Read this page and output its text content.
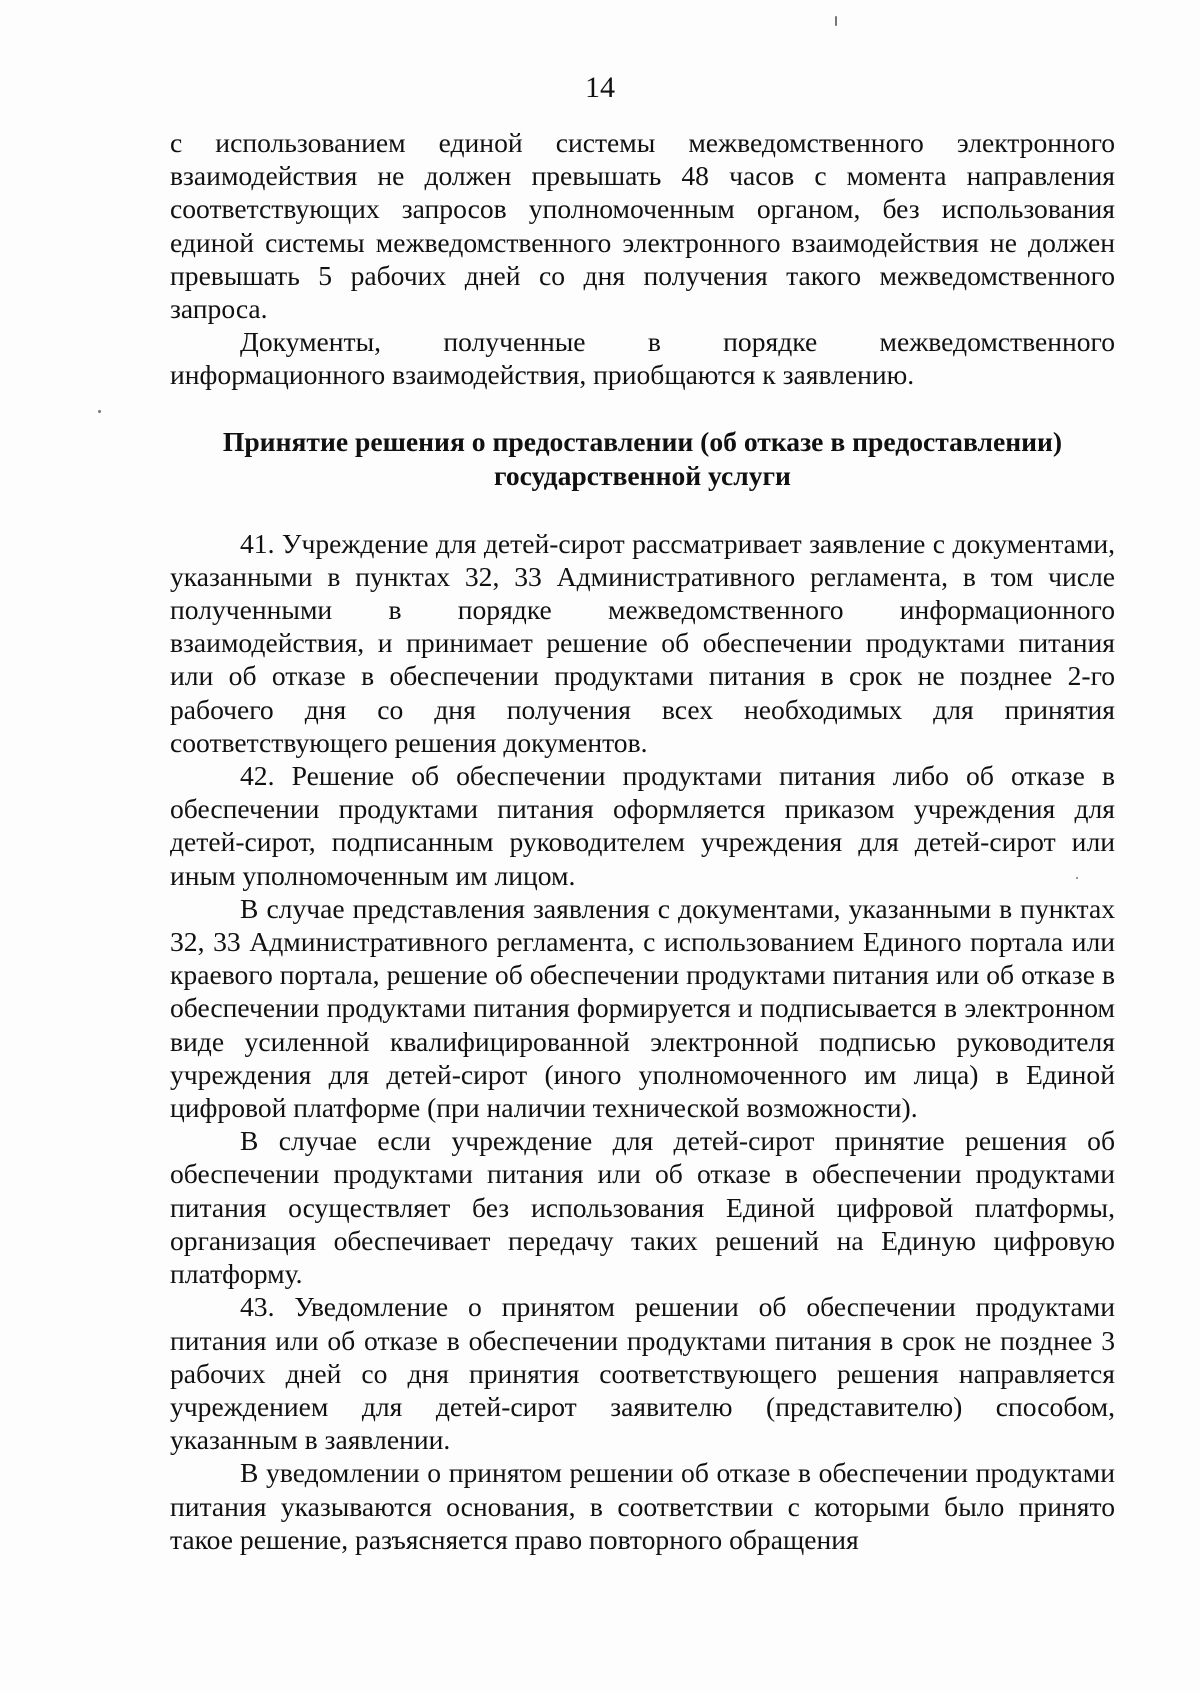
14

с использованием единой системы межведомственного электронного взаимодействия не должен превышать 48 часов с момента направления соответствующих запросов уполномоченным органом, без использования единой системы межведомственного электронного взаимодействия не должен превышать 5 рабочих дней со дня получения такого межведомственного запроса.

Документы, полученные в порядке межведомственного информационного взаимодействия, приобщаются к заявлению.

Принятие решения о предоставлении (об отказе в предоставлении)
государственной услуги

41. Учреждение для детей-сирот рассматривает заявление с документами, указанными в пунктах 32, 33 Административного регламента, в том числе полученными в порядке межведомственного информационного взаимодействия, и принимает решение об обеспечении продуктами питания или об отказе в обеспечении продуктами питания в срок не позднее 2-го рабочего дня со дня получения всех необходимых для принятия соответствующего решения документов.

42. Решение об обеспечении продуктами питания либо об отказе в обеспечении продуктами питания оформляется приказом учреждения для детей-сирот, подписанным руководителем учреждения для детей-сирот или иным уполномоченным им лицом.

В случае представления заявления с документами, указанными в пунктах 32, 33 Административного регламента, с использованием Единого портала или краевого портала, решение об обеспечении продуктами питания или об отказе в обеспечении продуктами питания формируется и подписывается в электронном виде усиленной квалифицированной электронной подписью руководителя учреждения для детей-сирот (иного уполномоченного им лица) в Единой цифровой платформе (при наличии технической возможности).

В случае если учреждение для детей-сирот принятие решения об обеспечении продуктами питания или об отказе в обеспечении продуктами питания осуществляет без использования Единой цифровой платформы, организация обеспечивает передачу таких решений на Единую цифровую платформу.

43. Уведомление о принятом решении об обеспечении продуктами питания или об отказе в обеспечении продуктами питания в срок не позднее 3 рабочих дней со дня принятия соответствующего решения направляется учреждением для детей-сирот заявителю (представителю) способом, указанным в заявлении.

В уведомлении о принятом решении об отказе в обеспечении продуктами питания указываются основания, в соответствии с которыми было принято такое решение, разъясняется право повторного обращения
